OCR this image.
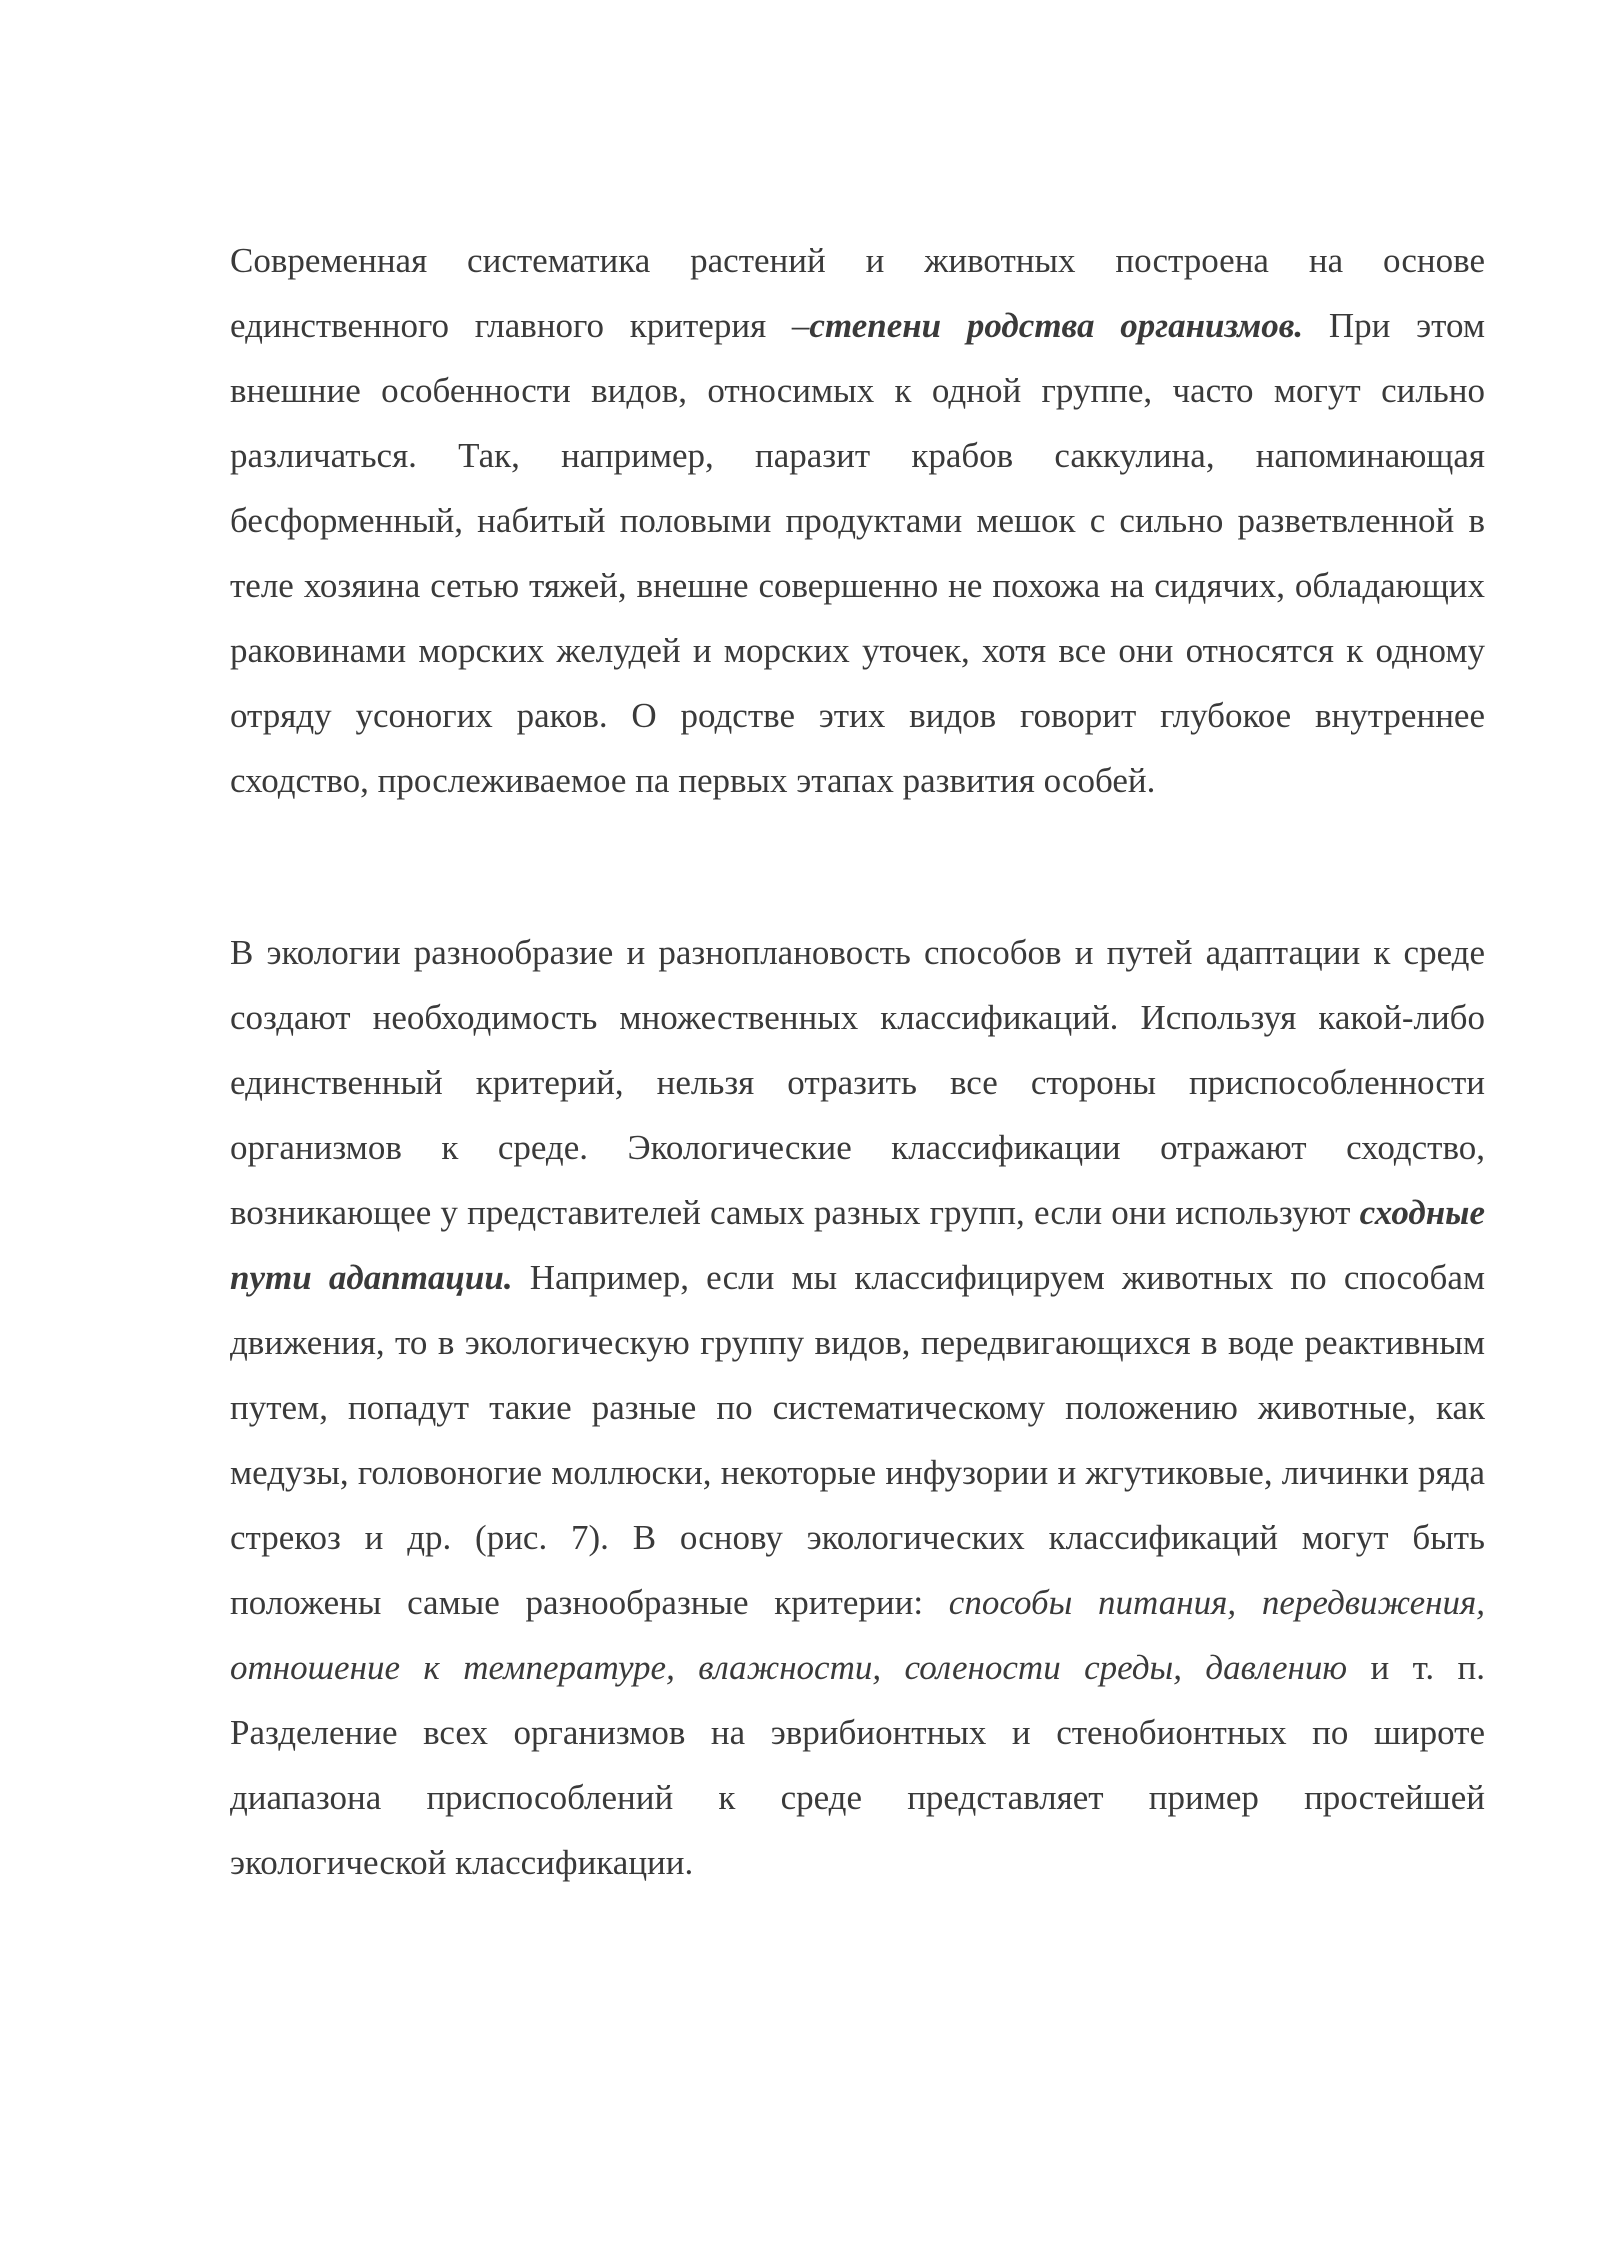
Современная систематика растений и животных построена на основе единственного главного критерия –степени родства организмов. При этом внешние особенности видов, относимых к одной группе, часто могут сильно различаться. Так, например, паразит крабов саккулина, напоминающая бесформенный, набитый половыми продуктами мешок с сильно разветвленной в теле хозяина сетью тяжей, внешне совершенно не похожа на сидячих, обладающих раковинами морских желудей и морских уточек, хотя все они относятся к одному отряду усоногих раков. О родстве этих видов говорит глубокое внутреннее сходство, прослеживаемое па первых этапах развития особей.

В экологии разнообразие и разноплановость способов и путей адаптации к среде создают необходимость множественных классификаций. Используя какой-либо единственный критерий, нельзя отразить все стороны приспособленности организмов к среде. Экологические классификации отражают сходство, возникающее у представителей самых разных групп, если они используют сходные пути адаптации. Например, если мы классифицируем животных по способам движения, то в экологическую группу видов, передвигающихся в воде реактивным путем, попадут такие разные по систематическому положению животные, как медузы, головоногие моллюски, некоторые инфузории и жгутиковые, личинки ряда стрекоз и др. (рис. 7). В основу экологических классификаций могут быть положены самые разнообразные критерии: способы питания, передвижения, отношение к температуре, влажности, солености среды, давлению и т. п. Разделение всех организмов на эврибионтных и стенобионтных по широте диапазона приспособлений к среде представляет пример простейшей экологической классификации.
